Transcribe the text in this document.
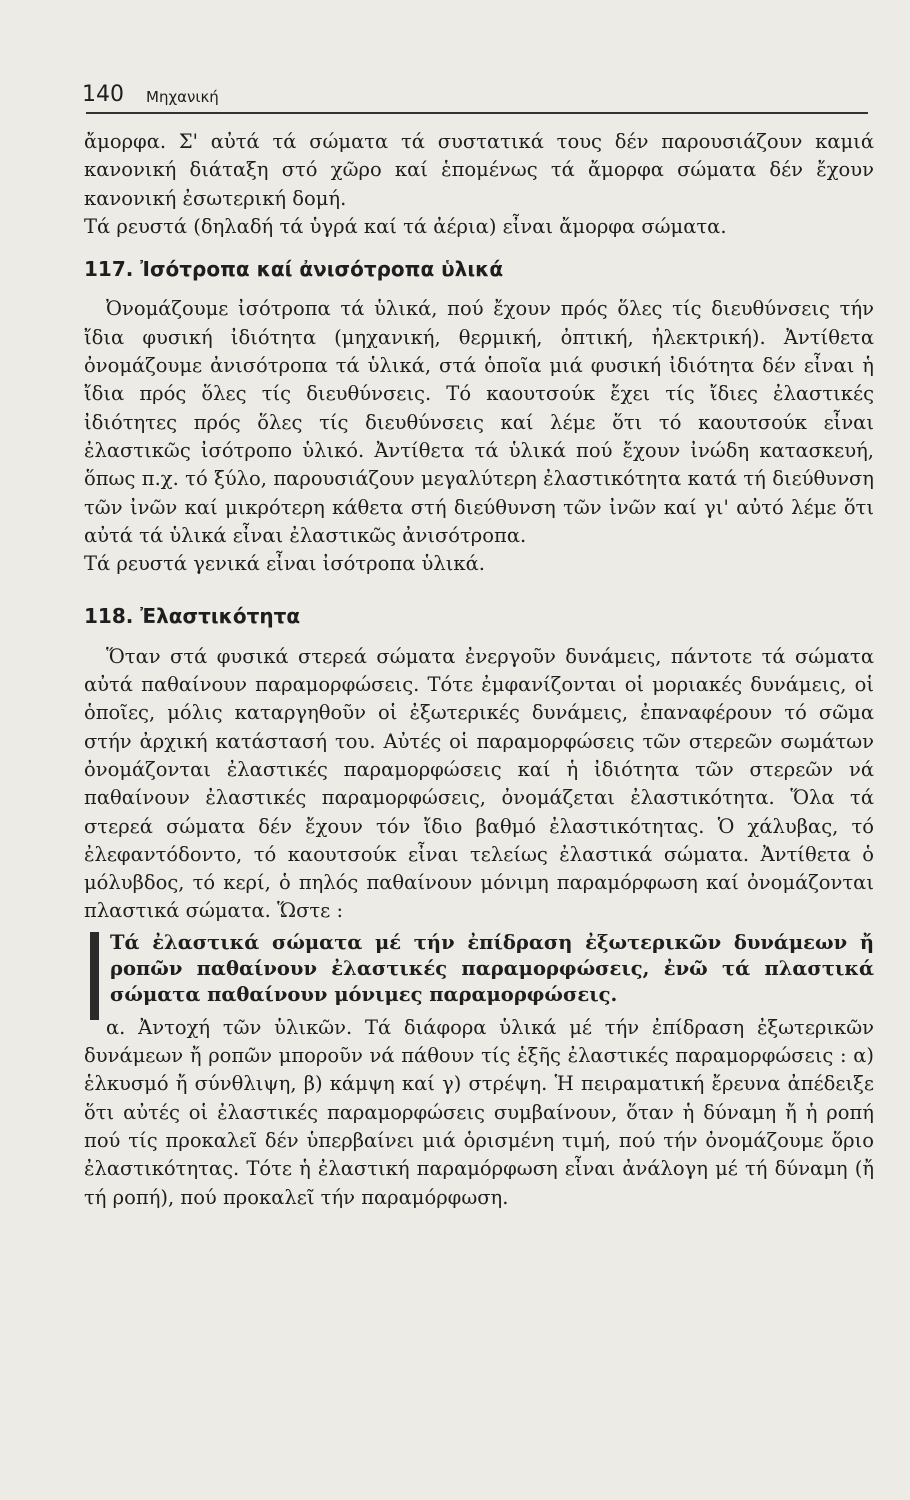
140 Μηχανική

ἄμορφα. Σ' αὐτά τά σώματα τά συστατικά τους δέν παρουσιάζουν καμιά κανονική διάταξη στό χῶρο καί ἑπομένως τά ἄμορφα σώματα δέν ἔχουν κανονική ἐσωτερική δομή.

Τά ρευστά (δηλαδή τά ὑγρά καί τά ἀέρια) εἶναι ἄμορφα σώματα.

117. Ἰσότροπα καί ἀνισότροπα ὑλικά

Ὀνομάζουμε ἰσότροπα τά ὑλικά, πού ἔχουν πρός ὅλες τίς διευθύνσεις τήν ἴδια φυσική ἰδιότητα (μηχανική, θερμική, ὀπτική, ἠλεκτρική). Ἀντίθετα ὀνομάζουμε ἀνισότροπα τά ὑλικά, στά ὁποῖα μιά φυσική ἰδιότητα δέν εἶναι ἡ ἴδια πρός ὅλες τίς διευθύνσεις. Τό καουτσούκ ἔχει τίς ἴδιες ἐλαστικές ἰδιότητες πρός ὅλες τίς διευθύνσεις καί λέμε ὅτι τό καουτσούκ εἶναι ἐλαστικῶς ἰσότροπο ὑλικό. Ἀντίθετα τά ὑλικά πού ἔχουν ἰνώδη κατασκευή, ὅπως π.χ. τό ξύλο, παρουσιάζουν μεγαλύτερη ἐλαστικότητα κατά τή διεύθυνση τῶν ἰνῶν καί μικρότερη κάθετα στή διεύθυνση τῶν ἰνῶν καί γι' αὐτό λέμε ὅτι αὐτά τά ὑλικά εἶναι ἐλαστικῶς ἀνισότροπα.

Τά ρευστά γενικά εἶναι ἰσότροπα ὑλικά.

118. Ἐλαστικότητα

Ὅταν στά φυσικά στερεά σώματα ἐνεργοῦν δυνάμεις, πάντοτε τά σώματα αὐτά παθαίνουν παραμορφώσεις. Τότε ἐμφανίζονται οἱ μοριακές δυνάμεις, οἱ ὁποῖες, μόλις καταργηθοῦν οἱ ἐξωτερικές δυνάμεις, ἐπαναφέρουν τό σῶμα στήν ἀρχική κατάστασή του. Αὐτές οἱ παραμορφώσεις τῶν στερεῶν σωμάτων ὀνομάζονται ἐλαστικές παραμορφώσεις καί ἡ ἰδιότητα τῶν στερεῶν νά παθαίνουν ἐλαστικές παραμορφώσεις, ὀνομάζεται ἐλαστικότητα. Ὅλα τά στερεά σώματα δέν ἔχουν τόν ἴδιο βαθμό ἐλαστικότητας. Ὁ χάλυβας, τό ἐλεφαντόδοντο, τό καουτσούκ εἶναι τελείως ἐλαστικά σώματα. Ἀντίθετα ὁ μόλυβδος, τό κερί, ὁ πηλός παθαίνουν μόνιμη παραμόρφωση καί ὀνομάζονται πλαστικά σώματα. Ὥστε :

Τά ἐλαστικά σώματα μέ τήν ἐπίδραση ἐξωτερικῶν δυνάμεων ἤ ροπῶν παθαίνουν ἐλαστικές παραμορφώσεις, ἐνῶ τά πλαστικά σώματα παθαίνουν μόνιμες παραμορφώσεις.

α. Ἀντοχή τῶν ὑλικῶν. Τά διάφορα ὑλικά μέ τήν ἐπίδραση ἐξωτερικῶν δυνάμεων ἤ ροπῶν μποροῦν νά πάθουν τίς ἑξῆς ἐλαστικές παραμορφώσεις : α) ἑλκυσμό ἤ σύνθλιψη, β) κάμψη καί γ) στρέψη. Ἡ πειραματική ἔρευνα ἀπέδειξε ὅτι αὐτές οἱ ἐλαστικές παραμορφώσεις συμβαίνουν, ὅταν ἡ δύναμη ἤ ἡ ροπή πού τίς προκαλεῖ δέν ὑπερβαίνει μιά ὁρισμένη τιμή, πού τήν ὀνομάζουμε ὅριο ἐλαστικότητας. Τότε ἡ ἐλαστική παραμόρφωση εἶναι ἀνάλογη μέ τή δύναμη (ἤ τή ροπή), πού προκαλεῖ τήν παραμόρφωση.
